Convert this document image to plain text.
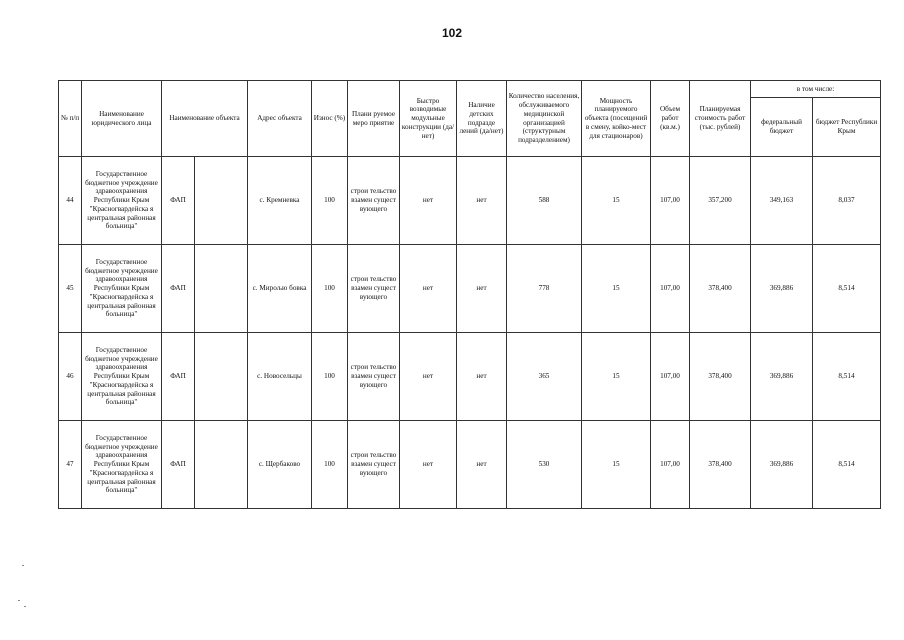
102
№ п/п	Наименование юридического лица	Наименование объекта		Адрес объекта	Износ (%)	Плани руемое меро приятие	Быстро возводимые модульные конструкции (да/нет)	Наличие детских подразде лений (да/нет)	Количество населения, обслуживаемого медицинской организацией (структурным подразделением)	Мощность планируемого объекта (посещений в смену, койко-мест для стационаров)	Объем работ (кв.м.)	Планируемая стоимость работ (тыс. рублей)	в том числе:	
													федеральный бюджет	бюджет Республики Крым
44	Государственное бюджетное учреждение здравоохранения Республики Крым "Красногвардейска я центральная районная больница"	ФАП		с. Кремневка	100	строи тельство взамен сущест вующего	нет	нет	588	15	107,00	357,200	349,163	8,037
45	Государственное бюджетное учреждение здравоохранения Республики Крым "Красногвардейска я центральная районная больница"	ФАП		с. Мирољю бовка	100	строи тельство взамен сущест вующего	нет	нет	778	15	107,00	378,400	369,886	8,514
46	Государственное бюджетное учреждение здравоохранения Республики Крым "Красногвардейска я центральная районная больница"	ФАП		с. Новосельцы	100	строи тельство взамен сущест вующего	нет	нет	365	15	107,00	378,400	369,886	8,514
47	Государственное бюджетное учреждение здравоохранения Республики Крым "Красногвардейска я центральная районная больница"	ФАП		с. Щербаково	100	строи тельство взамен сущест вующего	нет	нет	530	15	107,00	378,400	369,886	8,514
